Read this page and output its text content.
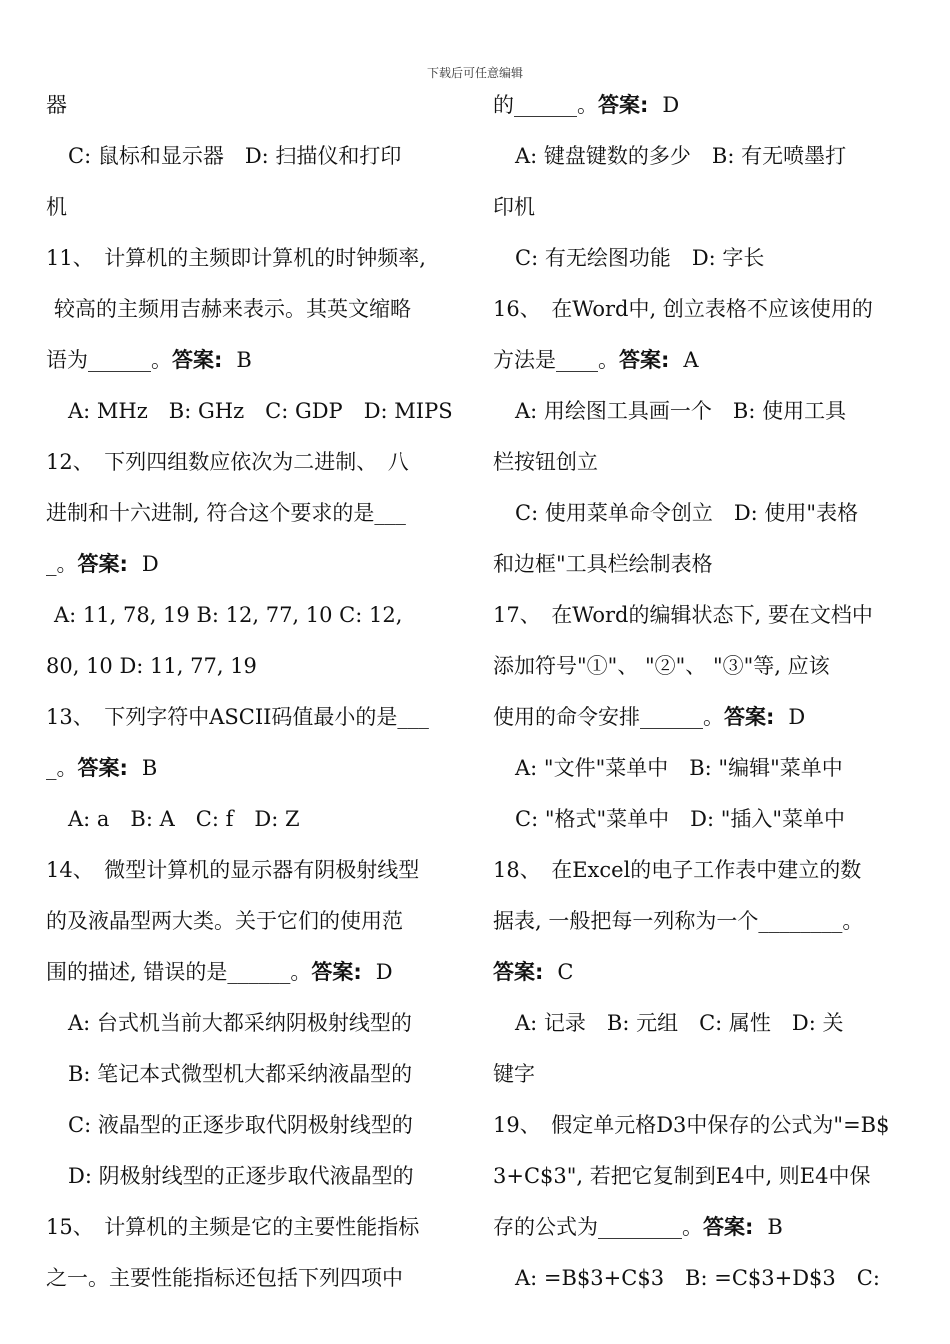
下载后可任意编辑
器
C: 鼠标和显示器　D: 扫描仪和打印
机
11、　计算机的主频即计算机的时钟频率,
较高的主频用吉赫来表示。其英文缩略
语为______。答案: B
A: MHz　B: GHz　C: GDP　D: MIPS
12、　下列四组数应依次为二进制、　八
进制和十六进制, 符合这个要求的是___
_。答案: D
A: 11, 78, 19 B: 12, 77, 10 C: 12,
80, 10 D: 11, 77, 19
13、　下列字符中ASCII码值最小的是___
_。答案: B
A: a　B: A　C: f　D: Z
14、　微型计算机的显示器有阴极射线型
的及液晶型两大类。关于它们的使用范
围的描述, 错误的是______。答案: D
A: 台式机当前大都采纳阴极射线型的
B: 笔记本式微型机大都采纳液晶型的
C: 液晶型的正逐步取代阴极射线型的
D: 阴极射线型的正逐步取代液晶型的
15、　计算机的主频是它的主要性能指标
之一。主要性能指标还包括下列四项中
的______。答案: D
A: 键盘键数的多少　B: 有无喷墨打
印机
C: 有无绘图功能　D: 字长
16、　在Word中, 创立表格不应该使用的
方法是____。答案: A
A: 用绘图工具画一个　B: 使用工具
栏按钮创立
C: 使用菜单命令创立　D: 使用"表格
和边框"工具栏绘制表格
17、　在Word的编辑状态下, 要在文档中
添加符号"①"、 "②"、 "③"等, 应该
使用的命令安排______。答案: D
A: "文件"菜单中　B: "编辑"菜单中
C: "格式"菜单中　D: "插入"菜单中
18、　在Excel的电子工作表中建立的数
据表, 一般把每一列称为一个________。
答案: C
A: 记录　B: 元组　C: 属性　D: 关
键字
19、　假定单元格D3中保存的公式为"=B$
3+C$3", 若把它复制到E4中, 则E4中保
存的公式为________。答案: B
A: =B$3+C$3　B: =C$3+D$3　C:
